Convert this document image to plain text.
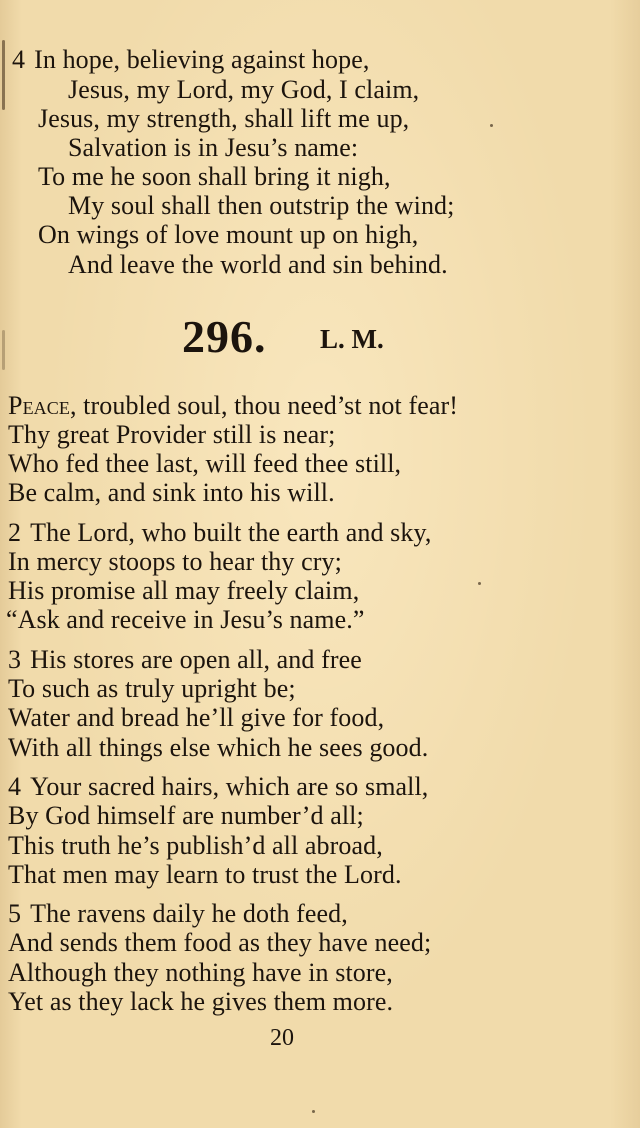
4 In hope, believing against hope,
Jesus, my Lord, my God, I claim,
Jesus, my strength, shall lift me up,
Salvation is in Jesu’s name:
To me he soon shall bring it nigh,
My soul shall then outstrip the wind;
On wings of love mount up on high,
And leave the world and sin behind.
296. L. M.
Peace, troubled soul, thou need’st not fear!
Thy great Provider still is near;
Who fed thee last, will feed thee still,
Be calm, and sink into his will.
2 The Lord, who built the earth and sky,
In mercy stoops to hear thy cry;
His promise all may freely claim,
“Ask and receive in Jesu’s name.”
3 His stores are open all, and free
To such as truly upright be;
Water and bread he’ll give for food,
With all things else which he sees good.
4 Your sacred hairs, which are so small,
By God himself are number’d all;
This truth he’s publish’d all abroad,
That men may learn to trust the Lord.
5 The ravens daily he doth feed,
And sends them food as they have need;
Although they nothing have in store,
Yet as they lack he gives them more.
20
